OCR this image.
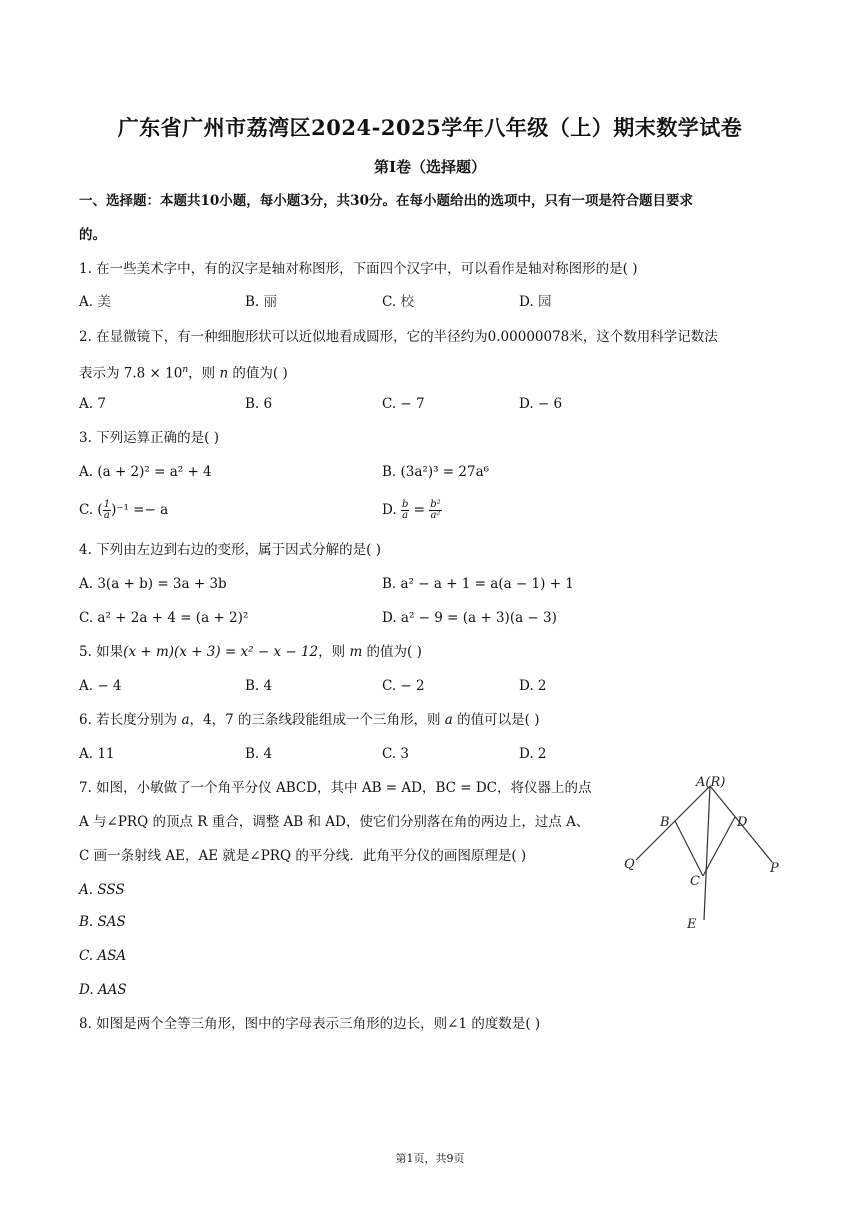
广东省广州市荔湾区2024-2025学年八年级（上）期末数学试卷
第I卷（选择题）
一、选择题：本题共10小题，每小题3分，共30分。在每小题给出的选项中，只有一项是符合题目要求
的。
1. 在一些美术字中，有的汉字是轴对称图形，下面四个汉字中，可以看作是轴对称图形的是( )
A. 美	B. 丽	C. 校	D. 园
2. 在显微镜下，有一种细胞形状可以近似地看成圆形，它的半径约为0.00000078米，这个数用科学记数法
表示为 $7.8 \times 10^n$，则 n 的值为( )
A. 7	B. 6	C. − 7	D. − 6
3. 下列运算正确的是( )
A. (a + 2)² = a² + 4	B. (3a²)³ = 27a⁶
C. ( $\frac{1}{a} )^{-1} =- a$	D. $\frac{b}{a} = \frac{\text{b²}}{\text{a²}}$
4. 下列由左边到右边的变形，属于因式分解的是( )
A. 3(a + b) = 3a + 3b	B. a² − a + 1 = a(a − 1) + 1
C. a² + 2a + 4 = (a + 2)²	D. a² − 9 = (a + 3)(a − 3)
5. 如果(x + m)(x + 3) = x² − x − 12，则 m 的值为( )
A. − 4	B. 4	C. − 2	D. 2
6. 若长度分别为 a，4，7 的三条线段能组成一个三角形，则 a 的值可以是( )
A. 11	B. 4	C. 3	D. 2
7. 如图，小敏做了一个角平分仪 ABCD，其中 AB = AD，BC = DC，将仪器上的点
A 与∠PRQ 的顶点 R 重合，调整 AB 和 AD，使它们分别落在角的两边上，过点 A、
C 画一条射线 AE，AE 就是∠PRQ 的平分线．此角平分仪的画图原理是( )
A. SSS
B. SAS
C. ASA
D. AAS
A(R)
B	D
C
Q	P
E
8. 如图是两个全等三角形，图中的字母表示三角形的边长，则∠1 的度数是( )
第1页，共9页
